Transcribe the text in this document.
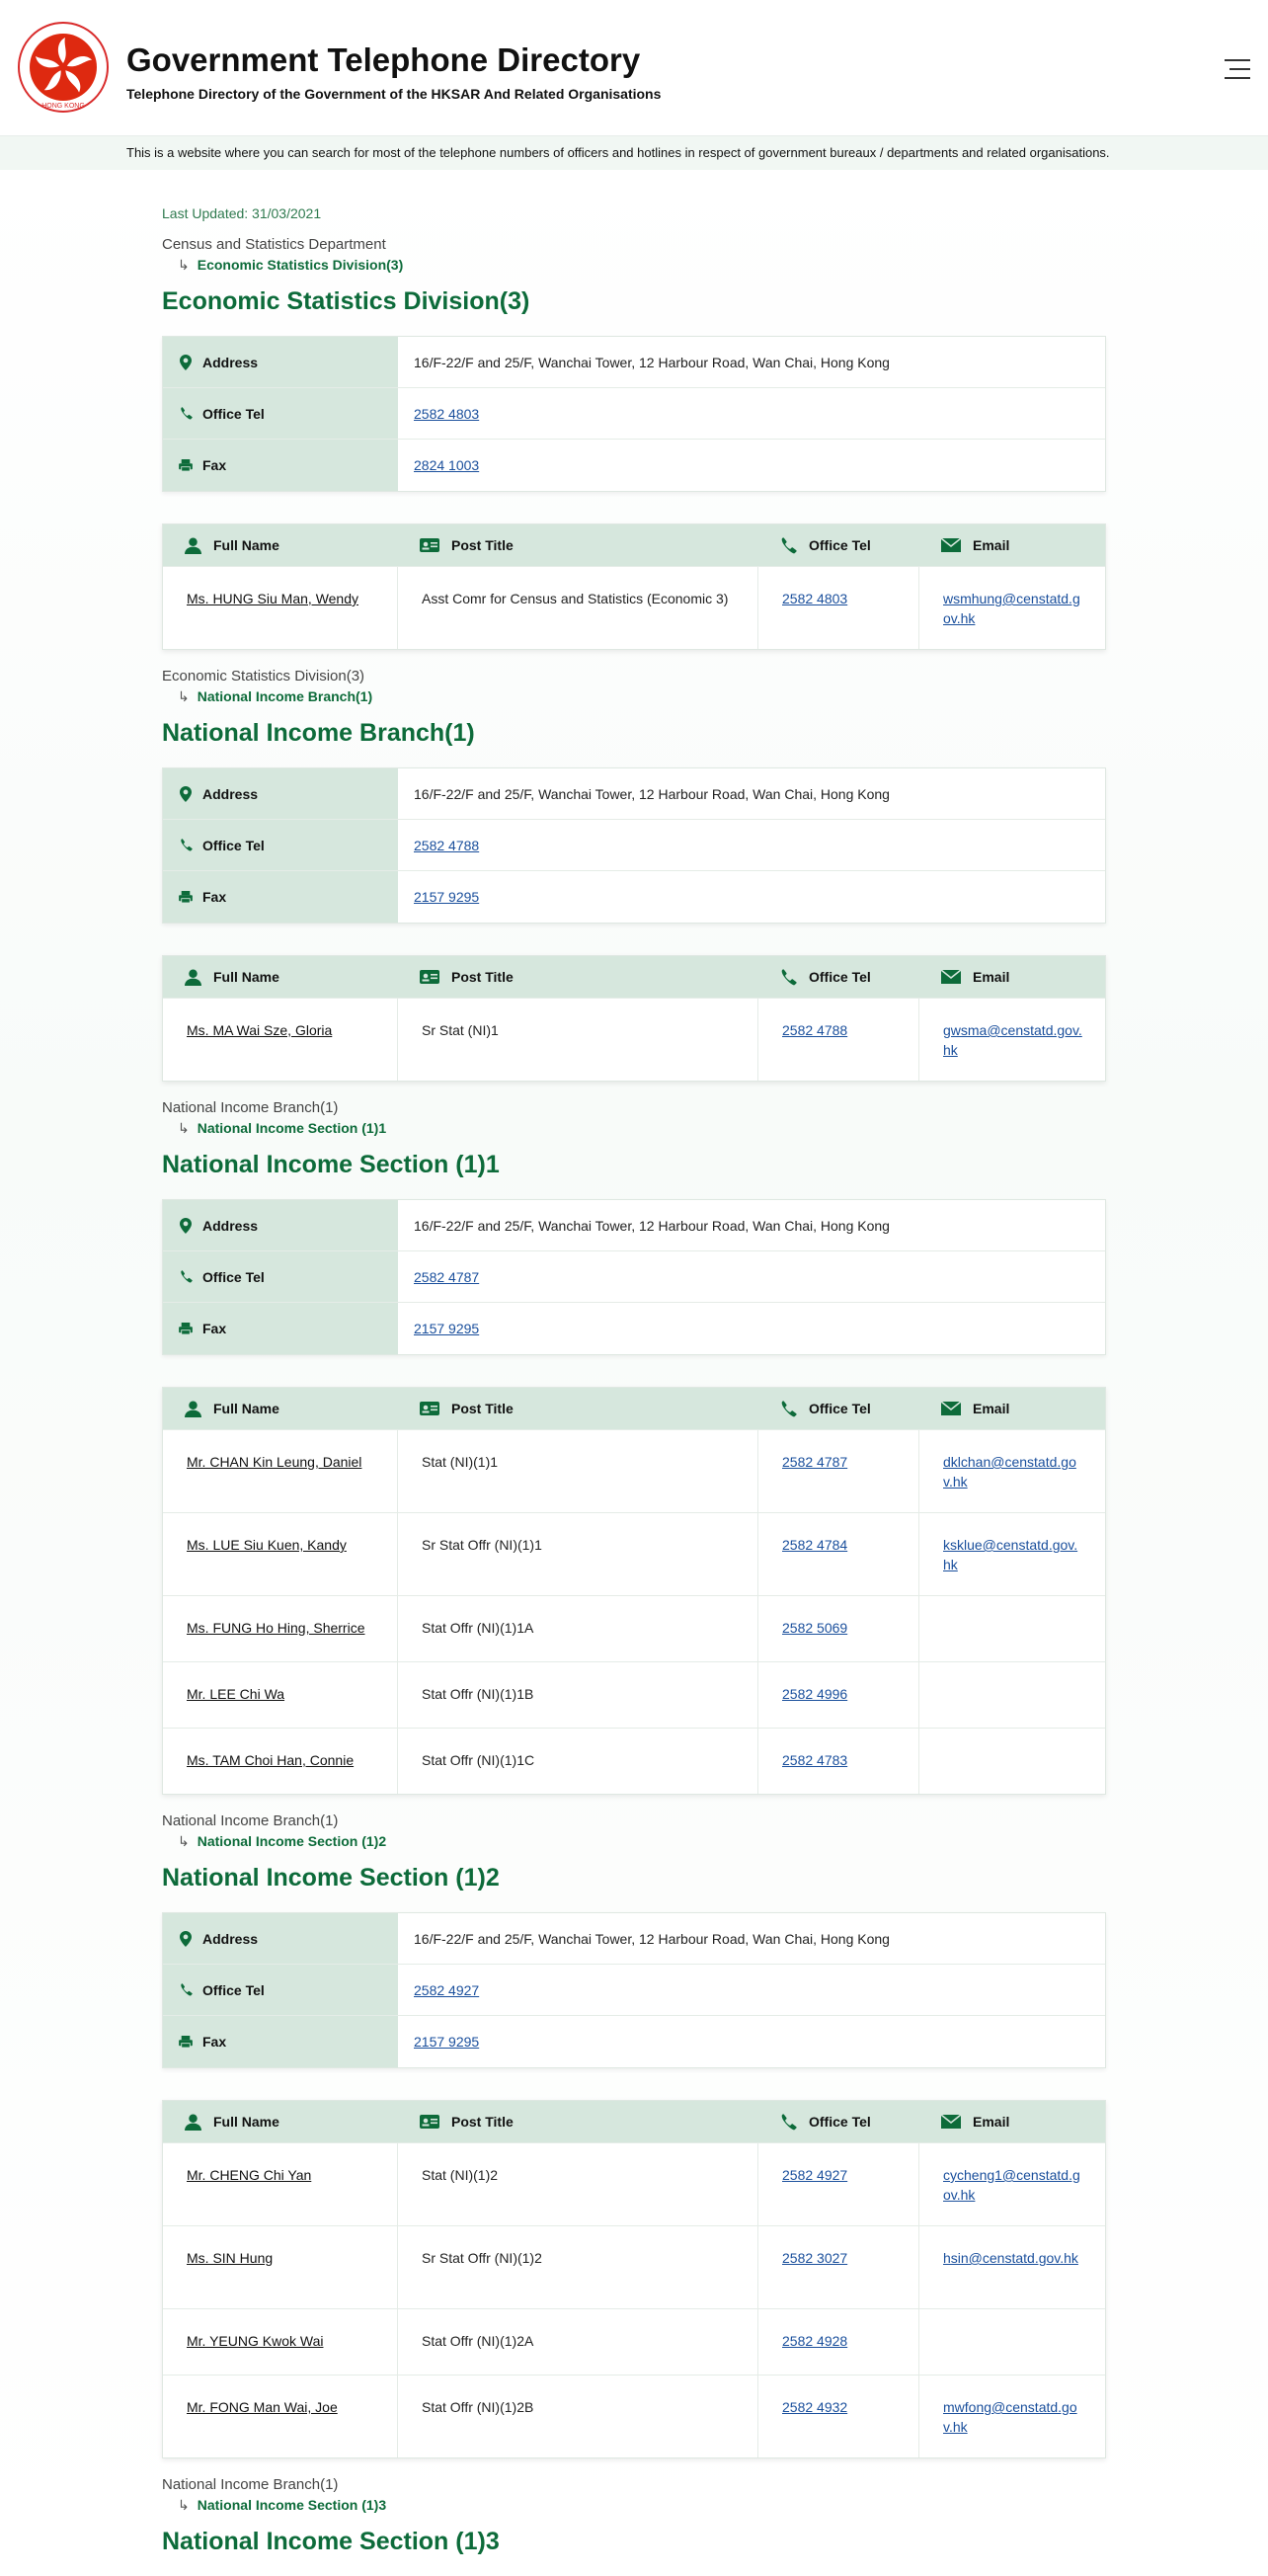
HONG KONG
Government Telephone Directory
Telephone Directory of the Government of the HKSAR And Related Organisations
This is a website where you can search for most of the telephone numbers of officers and hotlines in respect of government bureaux / departments and related organisations.
Last Updated: 31/03/2021
Census and Statistics Department
↳ Economic Statistics Division(3)
Economic Statistics Division(3)
Address	16/F-22/F and 25/F, Wanchai Tower, 12 Harbour Road, Wan Chai, Hong Kong
Office Tel	2582 4803
Fax	2824 1003
Full Name	Post Title	Office Tel	Email
Ms. HUNG Siu Man, Wendy	Asst Comr for Census and Statistics (Economic 3)	2582 4803	wsmhung@censtatd.gov.hk
Economic Statistics Division(3)
↳ National Income Branch(1)
National Income Branch(1)
Address	16/F-22/F and 25/F, Wanchai Tower, 12 Harbour Road, Wan Chai, Hong Kong
Office Tel	2582 4788
Fax	2157 9295
Full Name	Post Title	Office Tel	Email
Ms. MA Wai Sze, Gloria	Sr Stat (NI)1	2582 4788	gwsma@censtatd.gov.hk
National Income Branch(1)
↳ National Income Section (1)1
National Income Section (1)1
Address	16/F-22/F and 25/F, Wanchai Tower, 12 Harbour Road, Wan Chai, Hong Kong
Office Tel	2582 4787
Fax	2157 9295
Full Name	Post Title	Office Tel	Email
Mr. CHAN Kin Leung, Daniel	Stat (NI)(1)1	2582 4787	dklchan@censtatd.gov.hk
Ms. LUE Siu Kuen, Kandy	Sr Stat Offr (NI)(1)1	2582 4784	ksklue@censtatd.gov.hk
Ms. FUNG Ho Hing, Sherrice	Stat Offr (NI)(1)1A	2582 5069
Mr. LEE Chi Wa	Stat Offr (NI)(1)1B	2582 4996
Ms. TAM Choi Han, Connie	Stat Offr (NI)(1)1C	2582 4783
National Income Branch(1)
↳ National Income Section (1)2
National Income Section (1)2
Address	16/F-22/F and 25/F, Wanchai Tower, 12 Harbour Road, Wan Chai, Hong Kong
Office Tel	2582 4927
Fax	2157 9295
Full Name	Post Title	Office Tel	Email
Mr. CHENG Chi Yan	Stat (NI)(1)2	2582 4927	cycheng1@censtatd.gov.hk
Ms. SIN Hung	Sr Stat Offr (NI)(1)2	2582 3027	hsin@censtatd.gov.hk
Mr. YEUNG Kwok Wai	Stat Offr (NI)(1)2A	2582 4928
Mr. FONG Man Wai, Joe	Stat Offr (NI)(1)2B	2582 4932	mwfong@censtatd.gov.hk
National Income Branch(1)
↳ National Income Section (1)3
National Income Section (1)3
